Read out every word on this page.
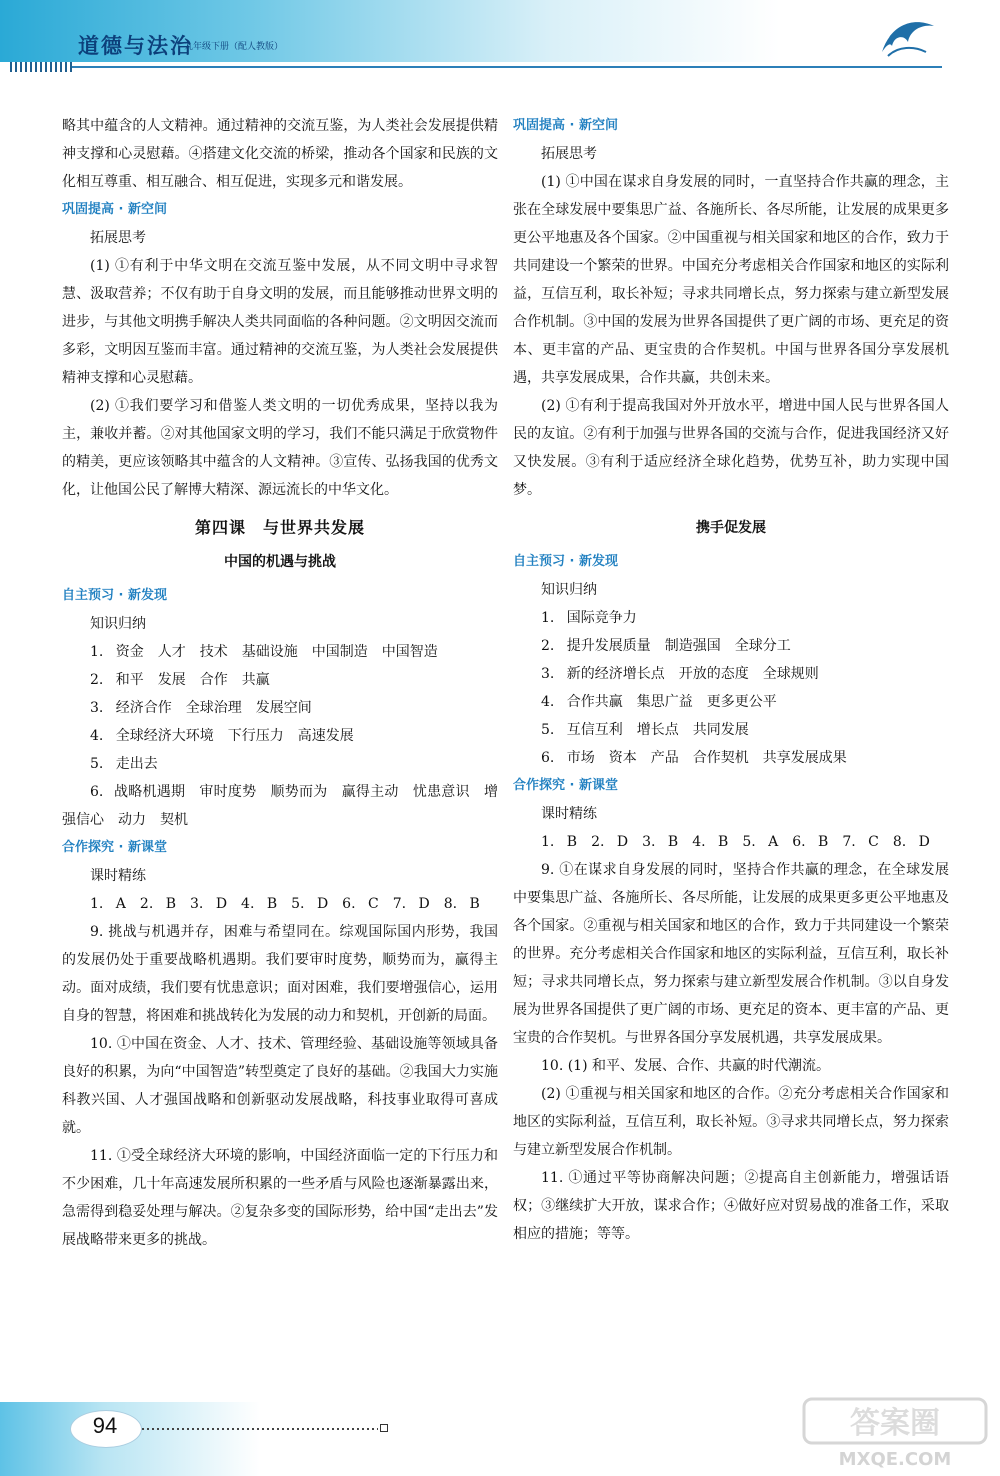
道德与法治
九年级下册（配人教版）

略其中蕴含的人文精神。通过精神的交流互鉴，为人类社会发展提供精神支撑和心灵慰藉。④搭建文化交流的桥梁，推动各个国家和民族的文化相互尊重、相互融合、相互促进，实现多元和谐发展。

巩固提高 · 新空间

拓展思考

(1) ①有利于中华文明在交流互鉴中发展，从不同文明中寻求智慧、汲取营养；不仅有助于自身文明的发展，而且能够推动世界文明的进步，与其他文明携手解决人类共同面临的各种问题。②文明因交流而多彩，文明因互鉴而丰富。通过精神的交流互鉴，为人类社会发展提供精神支撑和心灵慰藉。

(2) ①我们要学习和借鉴人类文明的一切优秀成果，坚持以我为主，兼收并蓄。②对其他国家文明的学习，我们不能只满足于欣赏物件的精美，更应该领略其中蕴含的人文精神。③宣传、弘扬我国的优秀文化，让他国公民了解博大精深、源远流长的中华文化。

第四课　与世界共发展

中国的机遇与挑战

自主预习 · 新发现

知识归纳

1. 资金　人才　技术　基础设施　中国制造　中国智造

2. 和平　发展　合作　共赢

3. 经济合作　全球治理　发展空间

4. 全球经济大环境　下行压力　高速发展

5. 走出去

6. 战略机遇期　审时度势　顺势而为　赢得主动　忧患意识　增强信心　动力　契机

合作探究 · 新课堂

课时精练

1. A　2. B　3. D　4. B　5. D　6. C　7. D　8. B

9. 挑战与机遇并存，困难与希望同在。综观国际国内形势，我国的发展仍处于重要战略机遇期。我们要审时度势，顺势而为，赢得主动。面对成绩，我们要有忧患意识；面对困难，我们要增强信心，运用自身的智慧，将困难和挑战转化为发展的动力和契机，开创新的局面。

10. ①中国在资金、人才、技术、管理经验、基础设施等领域具备良好的积累，为向“中国智造”转型奠定了良好的基础。②我国大力实施科教兴国、人才强国战略和创新驱动发展战略，科技事业取得可喜成就。

11. ①受全球经济大环境的影响，中国经济面临一定的下行压力和不少困难，几十年高速发展所积累的一些矛盾与风险也逐渐暴露出来，急需得到稳妥处理与解决。②复杂多变的国际形势，给中国“走出去”发展战略带来更多的挑战。

巩固提高 · 新空间

拓展思考

(1) ①中国在谋求自身发展的同时，一直坚持合作共赢的理念，主张在全球发展中要集思广益、各施所长、各尽所能，让发展的成果更多更公平地惠及各个国家。②中国重视与相关国家和地区的合作，致力于共同建设一个繁荣的世界。中国充分考虑相关合作国家和地区的实际利益，互信互利，取长补短；寻求共同增长点，努力探索与建立新型发展合作机制。③中国的发展为世界各国提供了更广阔的市场、更充足的资本、更丰富的产品、更宝贵的合作契机。中国与世界各国分享发展机遇，共享发展成果，合作共赢，共创未来。

(2) ①有利于提高我国对外开放水平，增进中国人民与世界各国人民的友谊。②有利于加强与世界各国的交流与合作，促进我国经济又好又快发展。③有利于适应经济全球化趋势，优势互补，助力实现中国梦。

携手促发展

自主预习 · 新发现

知识归纳

1. 国际竞争力

2. 提升发展质量　制造强国　全球分工

3. 新的经济增长点　开放的态度　全球规则

4. 合作共赢　集思广益　更多更公平

5. 互信互利　增长点　共同发展

6. 市场　资本　产品　合作契机　共享发展成果

合作探究 · 新课堂

课时精练

1. B　2. D　3. B　4. B　5. A　6. B　7. C　8. D

9. ①在谋求自身发展的同时，坚持合作共赢的理念，在全球发展中要集思广益、各施所长、各尽所能，让发展的成果更多更公平地惠及各个国家。②重视与相关国家和地区的合作，致力于共同建设一个繁荣的世界。充分考虑相关合作国家和地区的实际利益，互信互利，取长补短；寻求共同增长点，努力探索与建立新型发展合作机制。③以自身发展为世界各国提供了更广阔的市场、更充足的资本、更丰富的产品、更宝贵的合作契机。与世界各国分享发展机遇，共享发展成果。

10. (1) 和平、发展、合作、共赢的时代潮流。

(2) ①重视与相关国家和地区的合作。②充分考虑相关合作国家和地区的实际利益，互信互利，取长补短。③寻求共同增长点，努力探索与建立新型发展合作机制。

11. ①通过平等协商解决问题；②提高自主创新能力，增强话语权；③继续扩大开放，谋求合作；④做好应对贸易战的准备工作，采取相应的措施；等等。

94	答案圈
MXQE.COM
